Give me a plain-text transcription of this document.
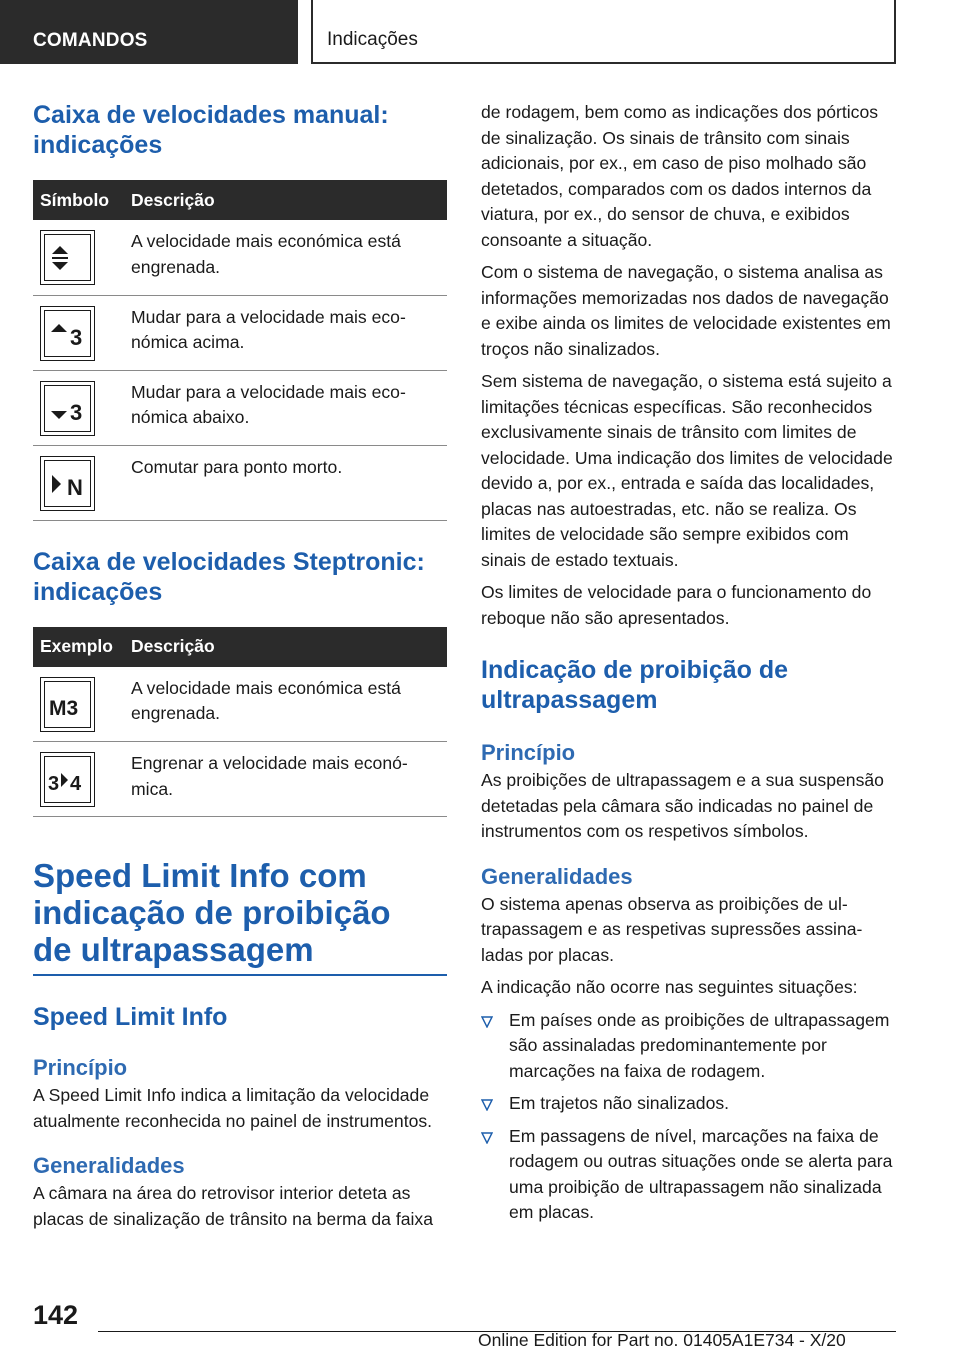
COMANDOS	Indicações
Caixa de velocidades manual: indicações
Símbolo	Descrição

	A velocidade mais económica está engrenada.

3	Mudar para a velocidade mais económica acima.

3	Mudar para a velocidade mais económica abaixo.

N	Comutar para ponto morto.
Caixa de velocidades Steptronic: indicações
Exemplo	Descrição

M3	A velocidade mais económica está engrenada.

3 4	Engrenar a velocidade mais económica.
Speed Limit Info com indicação de proibição de ultrapassagem
Speed Limit Info
Princípio

A Speed Limit Info indica a limitação da velocidade atualmente reconhecida no painel de instrumentos.

Generalidades

A câmara na área do retrovisor interior deteta as placas de sinalização de trânsito na berma da faixa

de rodagem, bem como as indicações dos pórticos de sinalização. Os sinais de trânsito com sinais adicionais, por ex., em caso de piso molhado são detetados, comparados com os dados internos da viatura, por ex., do sensor de chuva, e exibidos consoante a situação.

Com o sistema de navegação, o sistema analisa as informações memorizadas nos dados de navegação e exibe ainda os limites de velocidade existentes em troços não sinalizados.

Sem sistema de navegação, o sistema está sujeito a limitações técnicas específicas. São reconhecidos exclusivamente sinais de trânsito com limites de velocidade. Uma indicação dos limites de velocidade devido a, por ex., entrada e saída das localidades, placas nas autoestradas, etc. não se realiza. Os limites de velocidade são sempre exibidos com sinais de estado textuais.

Os limites de velocidade para o funcionamento do reboque não são apresentados.

Indicação de proibição de ultrapassagem
Princípio

As proibições de ultrapassagem e a sua suspensão detetadas pela câmara são indicadas no painel de instrumentos com os respetivos símbolos.

Generalidades

O sistema apenas observa as proibições de ultrapassagem e as respetivas supressões assinaladas por placas.

A indicação não ocorre nas seguintes situações:

Em países onde as proibições de ultrapassagem são assinaladas predominantemente por marcações na faixa de rodagem.
Em trajetos não sinalizados.
Em passagens de nível, marcações na faixa de rodagem ou outras situações onde se alerta para uma proibição de ultrapassagem não sinalizada em placas.
142
Online Edition for Part no. 01405A1E734 - X/20
